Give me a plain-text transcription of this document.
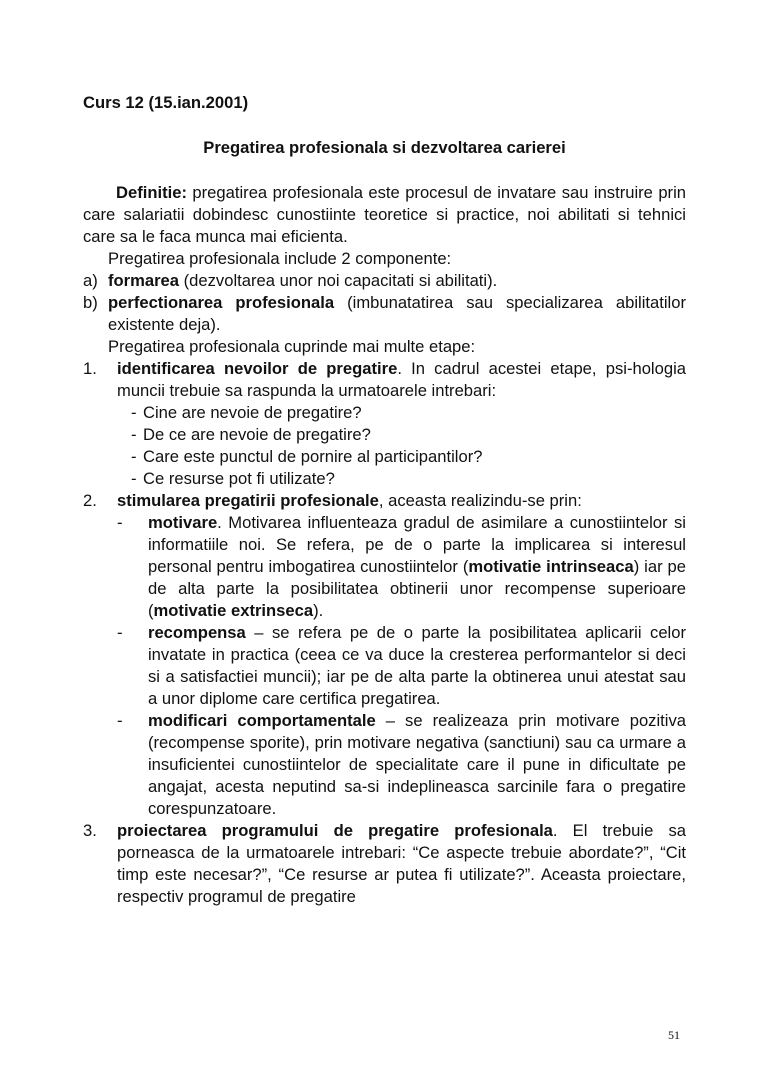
Curs 12 (15.ian.2001)

Pregatirea profesionala si dezvoltarea carierei

Definitie: pregatirea profesionala este procesul de invatare sau instruire prin care salariatii dobindesc cunostiinte teoretice si practice, noi abilitati si tehnici care sa le faca munca mai eficienta.
Pregatirea profesionala include 2 componente:
a) formarea (dezvoltarea unor noi capacitati si abilitati).
b) perfectionarea profesionala (imbunatatirea sau specializarea abilitatilor existente deja).
Pregatirea profesionala cuprinde mai multe etape:
1.	identificarea nevoilor de pregatire. In cadrul acestei etape, psi-hologia muncii trebuie sa raspunda la urmatoarele intrebari:
- Cine are nevoie de pregatire?
- De ce are nevoie de pregatire?
- Care este punctul de pornire al participantilor?
- Ce resurse pot fi utilizate?
2.	stimularea pregatirii profesionale, aceasta realizindu-se prin:
-	motivare. Motivarea influenteaza gradul de asimilare a cunostiintelor si informatiile noi. Se refera, pe de o parte la implicarea si interesul personal pentru imbogatirea cunostiintelor (motivatie intrinseaca) iar pe de alta parte la posibilitatea obtinerii unor recompense superioare (motivatie extrinseca).
-	recompensa – se refera pe de o parte la posibilitatea aplicarii celor invatate in practica (ceea ce va duce la cresterea performantelor si deci si a satisfactiei muncii); iar pe de alta parte la obtinerea unui atestat sau a unor diplome care certifica pregatirea.
-	modificari comportamentale – se realizeaza prin motivare pozitiva (recompense sporite), prin motivare negativa (sanctiuni) sau ca urmare a insuficientei cunostiintelor de specialitate care il pune in dificultate pe angajat, acesta neputind sa-si indeplineasca sarcinile fara o pregatire corespunzatoare.
3.	proiectarea programului de pregatire profesionala. El trebuie sa porneasca de la urmatoarele intrebari: “Ce aspecte trebuie abordate?”, “Cit timp este necesar?”, “Ce resurse ar putea fi utilizate?”. Aceasta proiectare, respectiv programul de pregatire
51
